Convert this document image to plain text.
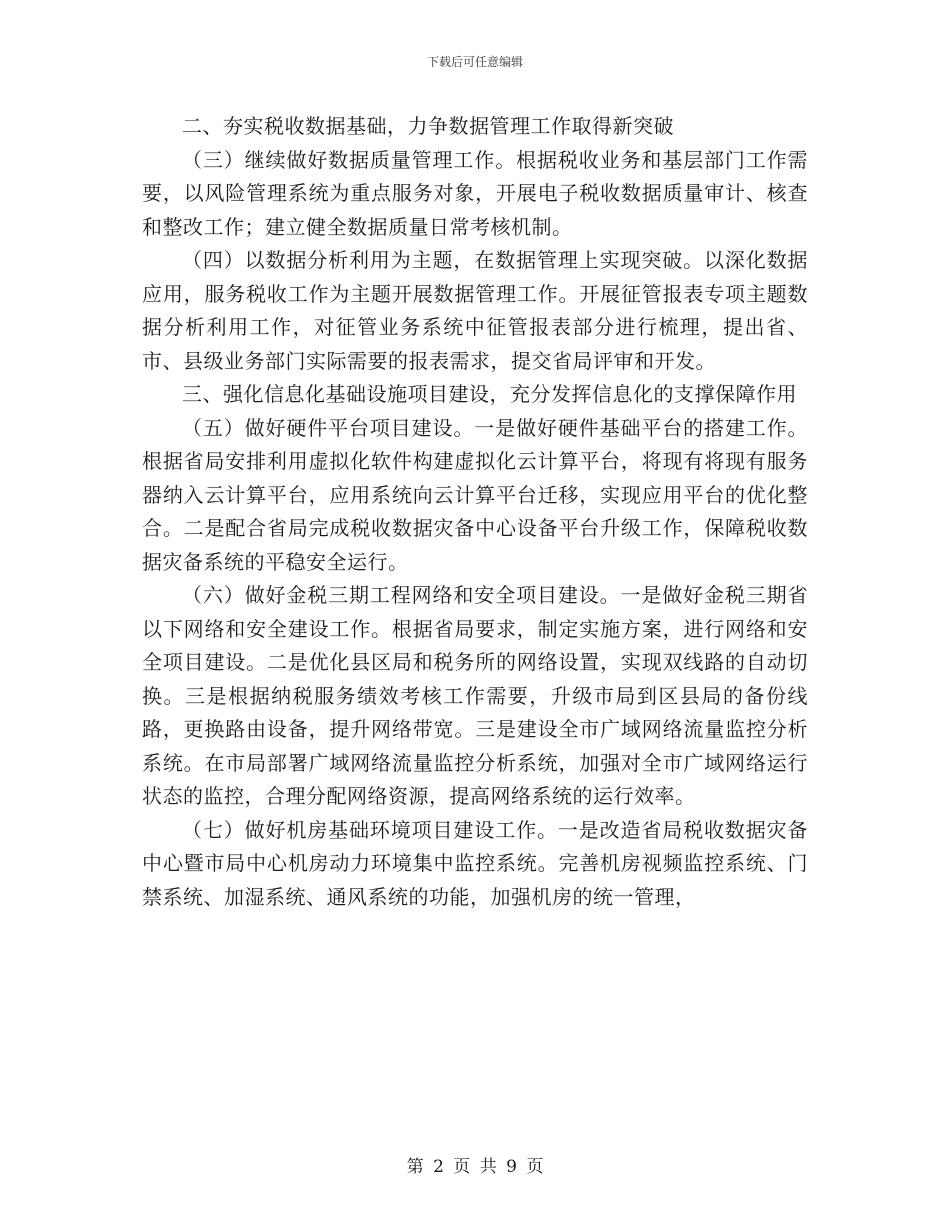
下载后可任意编辑

二、夯实税收数据基础，力争数据管理工作取得新突破

（三）继续做好数据质量管理工作。根据税收业务和基层部门工作需要，以风险管理系统为重点服务对象，开展电子税收数据质量审计、核查和整改工作；建立健全数据质量日常考核机制。

（四）以数据分析利用为主题，在数据管理上实现突破。以深化数据应用，服务税收工作为主题开展数据管理工作。开展征管报表专项主题数据分析利用工作，对征管业务系统中征管报表部分进行梳理，提出省、市、县级业务部门实际需要的报表需求，提交省局评审和开发。

三、强化信息化基础设施项目建设，充分发挥信息化的支撑保障作用

（五）做好硬件平台项目建设。一是做好硬件基础平台的搭建工作。根据省局安排利用虚拟化软件构建虚拟化云计算平台，将现有将现有服务器纳入云计算平台，应用系统向云计算平台迁移，实现应用平台的优化整合。二是配合省局完成税收数据灾备中心设备平台升级工作，保障税收数据灾备系统的平稳安全运行。

（六）做好金税三期工程网络和安全项目建设。一是做好金税三期省以下网络和安全建设工作。根据省局要求，制定实施方案，进行网络和安全项目建设。二是优化县区局和税务所的网络设置，实现双线路的自动切换。三是根据纳税服务绩效考核工作需要，升级市局到区县局的备份线路，更换路由设备，提升网络带宽。三是建设全市广域网络流量监控分析系统。在市局部署广域网络流量监控分析系统，加强对全市广域网络运行状态的监控，合理分配网络资源，提高网络系统的运行效率。

（七）做好机房基础环境项目建设工作。一是改造省局税收数据灾备中心暨市局中心机房动力环境集中监控系统。完善机房视频监控系统、门禁系统、加湿系统、通风系统的功能，加强机房的统一管理，

第 2 页 共 9 页
